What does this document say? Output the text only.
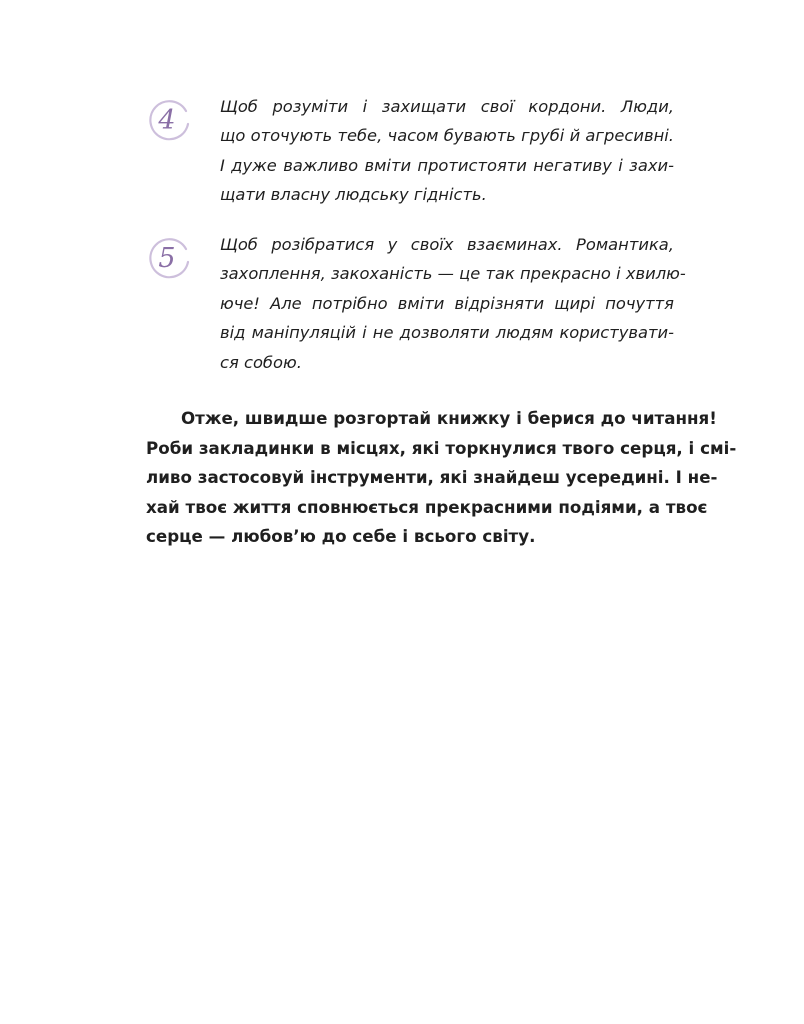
4	Щоб розуміти і захищати свої кордони. Люди,
що оточують тебе, часом бувають грубі й агресивні.
І дуже важливо вміти протистояти негативу і захи-
щати власну людську гідність.
5	Щоб розібратися у своїх взаєминах. Романтика,
захоплення, закоханість — це так прекрасно і хвилю-
юче! Але потрібно вміти відрізняти щирі почуття
від маніпуляцій і не дозволяти людям користувати-
ся собою.
Отже, швидше розгортай книжку і берися до читання!
Роби закладинки в місцях, які торкнулися твого серця, і смі-
ливо застосовуй інструменти, які знайдеш усередині. І не-
хай твоє життя сповнюється прекрасними подіями, а твоє
серце — любов’ю до себе і всього світу.
